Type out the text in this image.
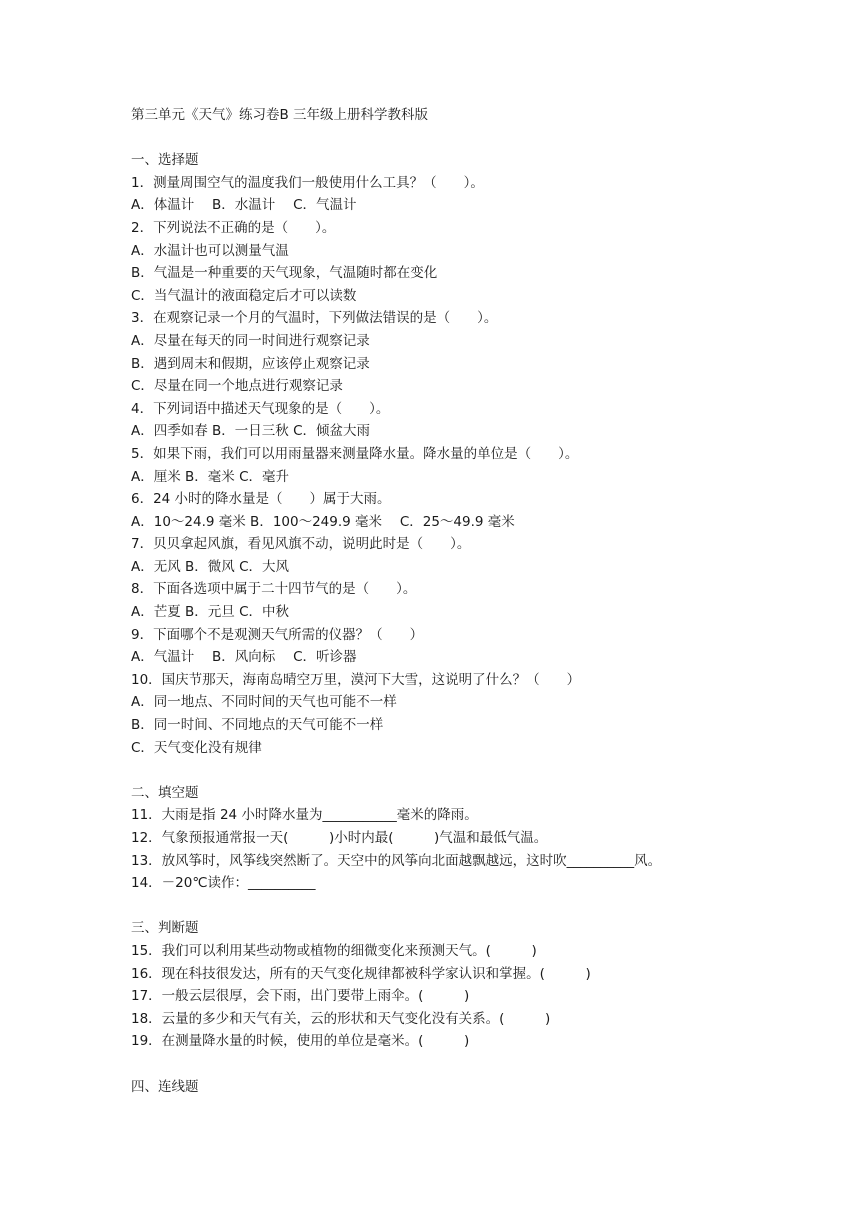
第三单元《天气》练习卷B 三年级上册科学教科版
一、选择题
1．测量周围空气的温度我们一般使用什么工具？（　　）。
A．体温计　 B．水温计　 C．气温计
2．下列说法不正确的是（　　）。
A．水温计也可以测量气温
B．气温是一种重要的天气现象，气温随时都在变化
C．当气温计的液面稳定后才可以读数
3．在观察记录一个月的气温时，下列做法错误的是（　　）。
A．尽量在每天的同一时间进行观察记录
B．遇到周末和假期，应该停止观察记录
C．尽量在同一个地点进行观察记录
4．下列词语中描述天气现象的是（　　）。
A．四季如春 B．一日三秋 C．倾盆大雨
5．如果下雨，我们可以用雨量器来测量降水量。降水量的单位是（　　）。
A．厘米 B．毫米 C．毫升
6．24 小时的降水量是（　　）属于大雨。
A．10～24.9 毫米 B．100～249.9 毫米　 C．25～49.9 毫米
7．贝贝拿起风旗，看见风旗不动，说明此时是（　　）。
A．无风 B．微风 C．大风
8．下面各选项中属于二十四节气的是（　　）。
A．芒夏 B．元旦 C．中秋
9．下面哪个不是观测天气所需的仪器？（　　）
A．气温计　 B．风向标　 C．听诊器
10．国庆节那天，海南岛晴空万里，漠河下大雪，这说明了什么？（　　）
A．同一地点、不同时间的天气也可能不一样
B．同一时间、不同地点的天气可能不一样
C．天气变化没有规律
二、填空题
11．大雨是指 24 小时降水量为___________毫米的降雨。
12．气象预报通常报一天(　　　)小时内最(　　　)气温和最低气温。
13．放风筝时，风筝线突然断了。天空中的风筝向北面越飘越远，这时吹__________风。
14．－20℃读作：__________
三、判断题
15．我们可以利用某些动物或植物的细微变化来预测天气。(　　　)
16．现在科技很发达，所有的天气变化规律都被科学家认识和掌握。(　　　)
17．一般云层很厚，会下雨，出门要带上雨伞。(　　　)
18．云量的多少和天气有关，云的形状和天气变化没有关系。(　　　)
19．在测量降水量的时候，使用的单位是毫米。(　　　)
四、连线题
